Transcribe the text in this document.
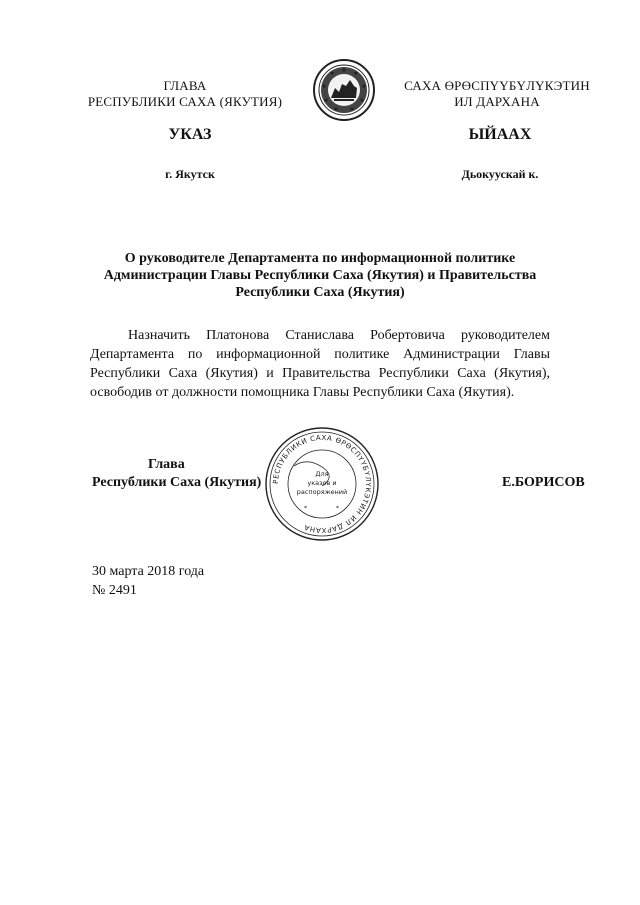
ГЛАВА
РЕСПУБЛИКИ САХА (ЯКУТИЯ)
САХА ӨРӨСПҮҮБҮЛҮКЭТИН
ИЛ ДАРХАНА
УКАЗ	ЫЙААХ
г. Якутск	Дьокуускай к.
О руководителе Департамента по информационной политике
Администрации Главы Республики Саха (Якутия) и Правительства
Республики Саха (Якутия)
Назначить Платонова Станислава Робертовича руководителем
Департамента по информационной политике Администрации Главы
Республики Саха (Якутия) и Правительства Республики Саха (Якутия),
освободив от должности помощника Главы Республики Саха (Якутия).
Глава
Республики Саха (Якутия)	Е.БОРИСОВ
РЕСПУБЛИКИ САХА ӨРӨСПҮҮБҮЛҮКЭТИН ИЛ ДАРХАНА
Для
указов и
распоряжений
*	*
30 марта 2018 года
№ 2491
